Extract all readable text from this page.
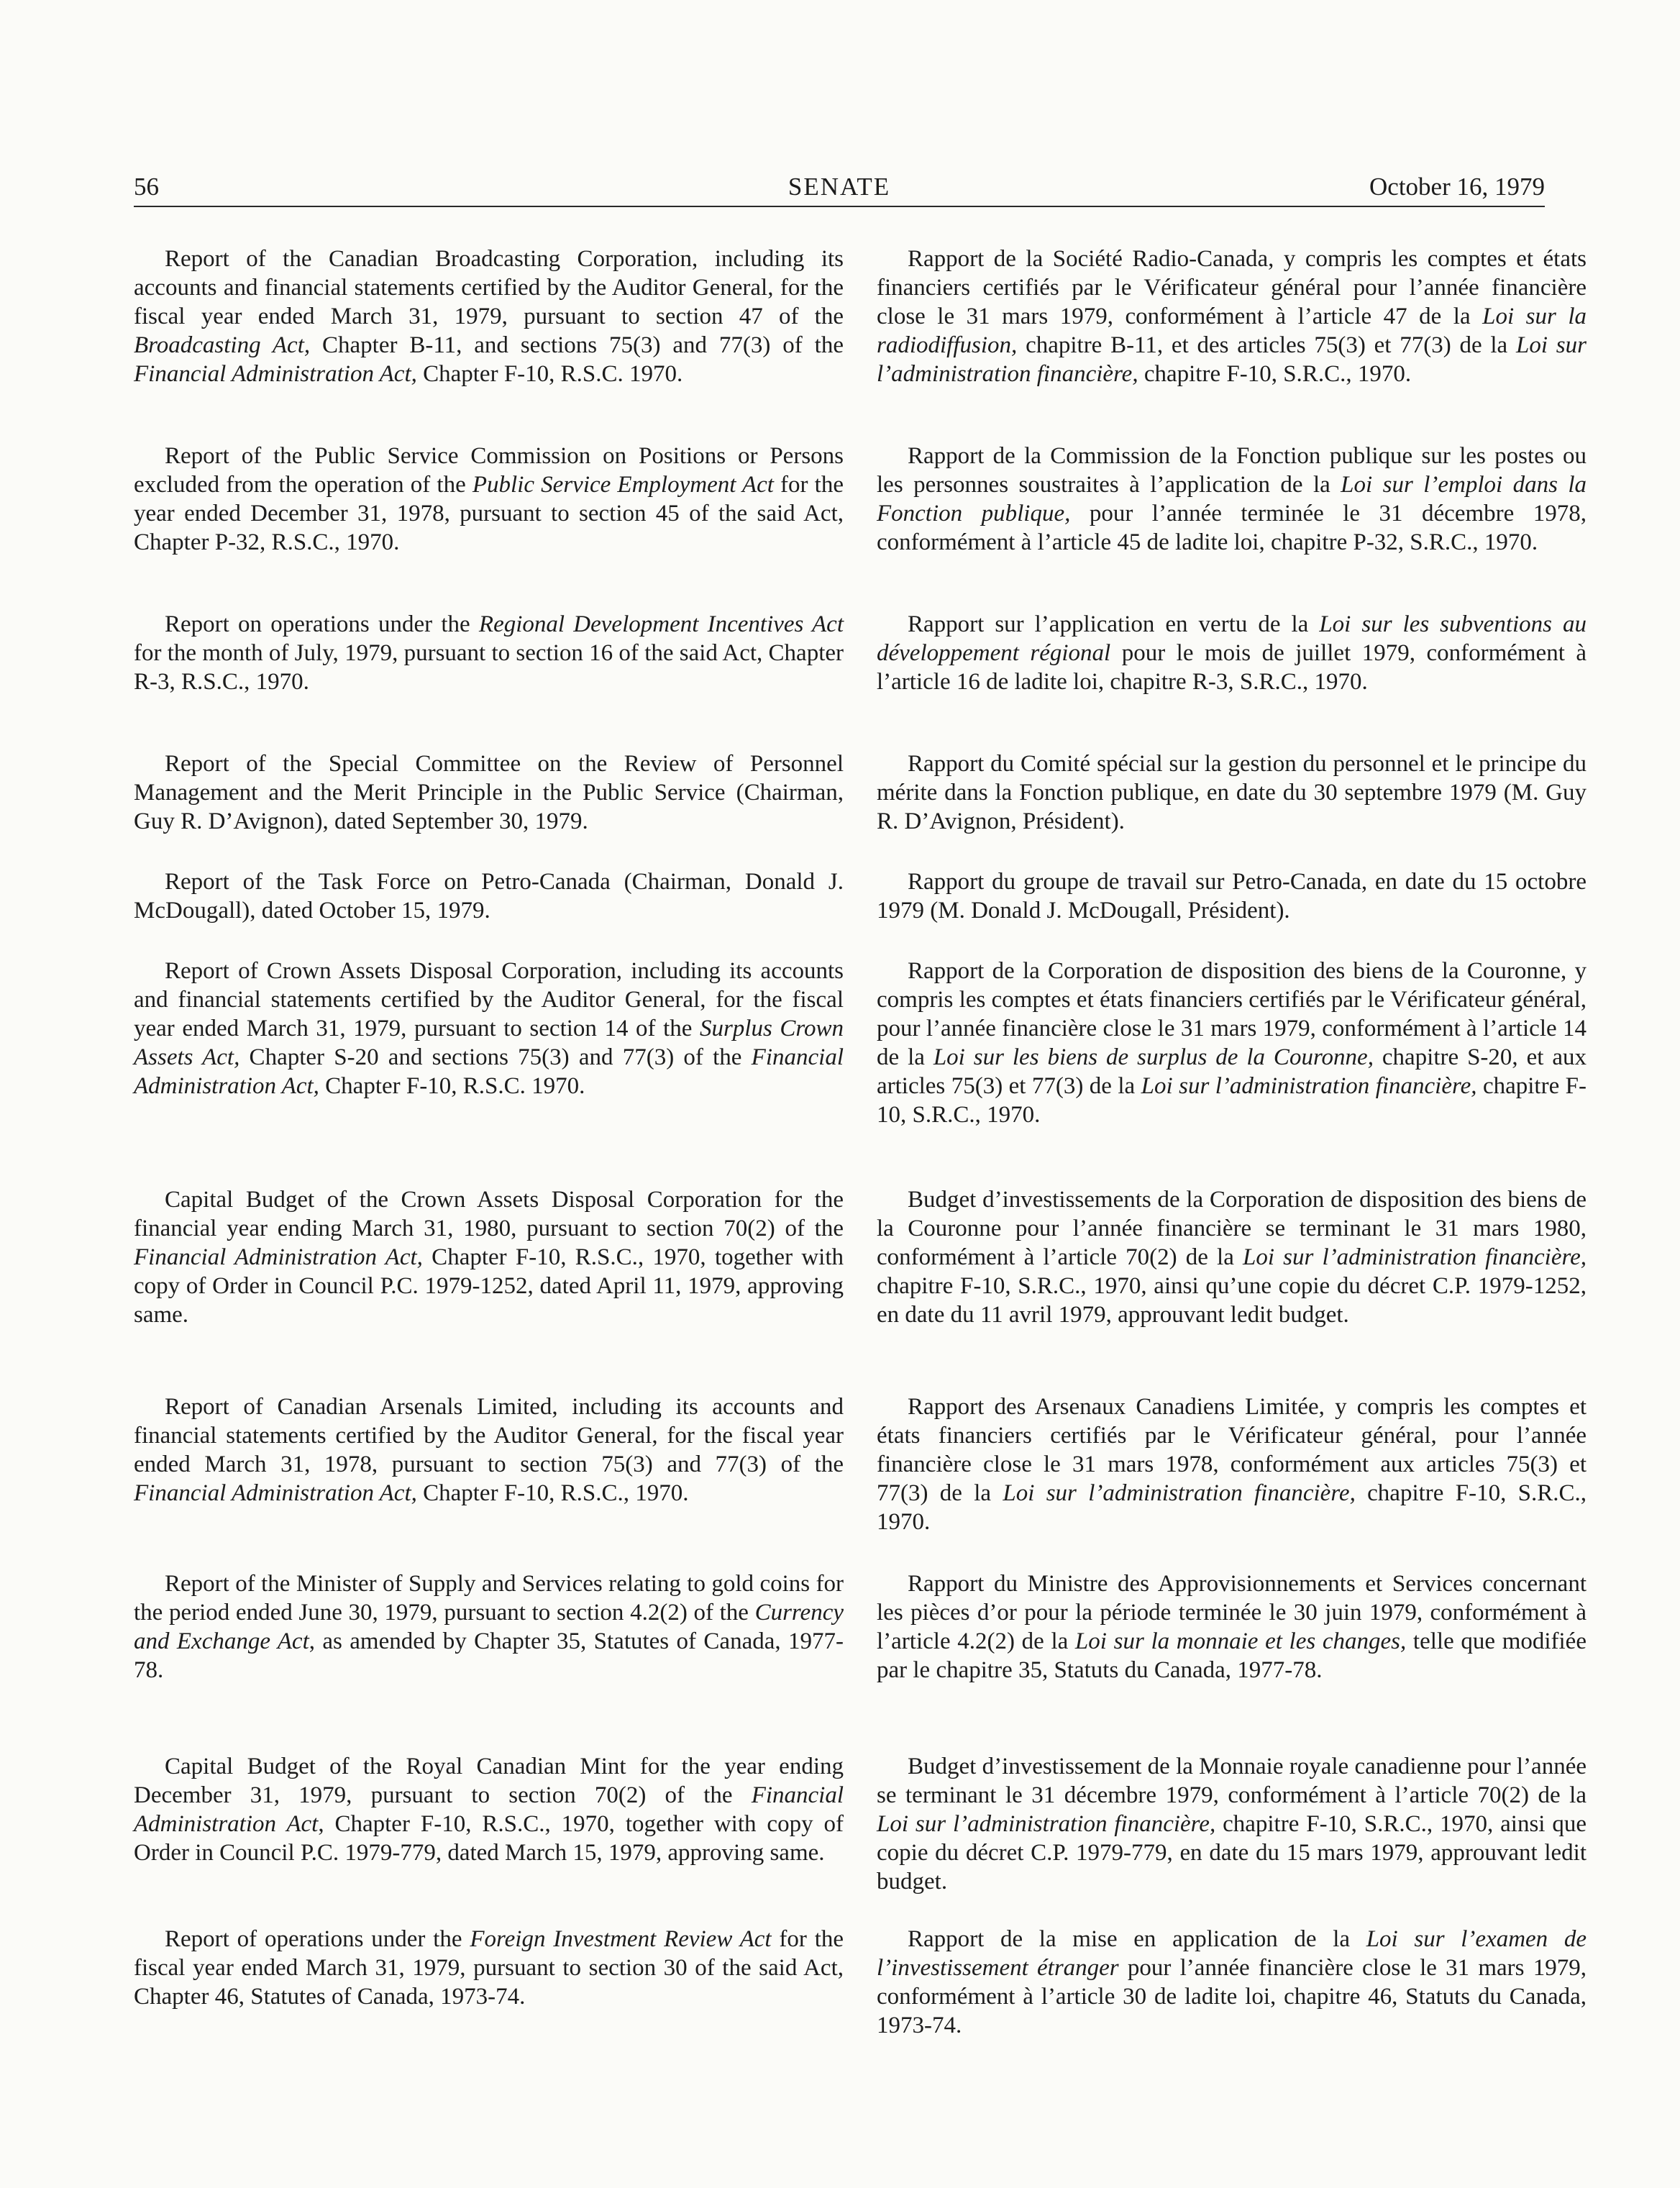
56	SENATE	October 16, 1979

Report of the Canadian Broadcasting Corporation, including its accounts and financial statements certified by the Auditor General, for the fiscal year ended March 31, 1979, pursuant to section 47 of the Broadcasting Act, Chapter B-11, and sections 75(3) and 77(3) of the Financial Administration Act, Chapter F-10, R.S.C. 1970.

Report of the Public Service Commission on Positions or Persons excluded from the operation of the Public Service Employment Act for the year ended December 31, 1978, pursuant to section 45 of the said Act, Chapter P-32, R.S.C., 1970.

Report on operations under the Regional Development Incentives Act for the month of July, 1979, pursuant to section 16 of the said Act, Chapter R-3, R.S.C., 1970.

Report of the Special Committee on the Review of Personnel Management and the Merit Principle in the Public Service (Chairman, Guy R. D’Avignon), dated September 30, 1979.

Report of the Task Force on Petro-Canada (Chairman, Donald J. McDougall), dated October 15, 1979.

Report of Crown Assets Disposal Corporation, including its accounts and financial statements certified by the Auditor General, for the fiscal year ended March 31, 1979, pursuant to section 14 of the Surplus Crown Assets Act, Chapter S-20 and sections 75(3) and 77(3) of the Financial Administration Act, Chapter F-10, R.S.C. 1970.

Capital Budget of the Crown Assets Disposal Corporation for the financial year ending March 31, 1980, pursuant to section 70(2) of the Financial Administration Act, Chapter F-10, R.S.C., 1970, together with copy of Order in Council P.C. 1979-1252, dated April 11, 1979, approving same.

Report of Canadian Arsenals Limited, including its accounts and financial statements certified by the Auditor General, for the fiscal year ended March 31, 1978, pursuant to section 75(3) and 77(3) of the Financial Administration Act, Chapter F-10, R.S.C., 1970.

Report of the Minister of Supply and Services relating to gold coins for the period ended June 30, 1979, pursuant to section 4.2(2) of the Currency and Exchange Act, as amended by Chapter 35, Statutes of Canada, 1977-78.

Capital Budget of the Royal Canadian Mint for the year ending December 31, 1979, pursuant to section 70(2) of the Financial Administration Act, Chapter F-10, R.S.C., 1970, together with copy of Order in Council P.C. 1979-779, dated March 15, 1979, approving same.

Report of operations under the Foreign Investment Review Act for the fiscal year ended March 31, 1979, pursuant to section 30 of the said Act, Chapter 46, Statutes of Canada, 1973-74.

Rapport de la Société Radio-Canada, y compris les comptes et états financiers certifiés par le Vérificateur général pour l’année financière close le 31 mars 1979, conformément à l’article 47 de la Loi sur la radiodiffusion, chapitre B-11, et des articles 75(3) et 77(3) de la Loi sur l’administration financière, chapitre F-10, S.R.C., 1970.

Rapport de la Commission de la Fonction publique sur les postes ou les personnes soustraites à l’application de la Loi sur l’emploi dans la Fonction publique, pour l’année terminée le 31 décembre 1978, conformément à l’article 45 de ladite loi, chapitre P-32, S.R.C., 1970.

Rapport sur l’application en vertu de la Loi sur les subventions au développement régional pour le mois de juillet 1979, conformément à l’article 16 de ladite loi, chapitre R-3, S.R.C., 1970.

Rapport du Comité spécial sur la gestion du personnel et le principe du mérite dans la Fonction publique, en date du 30 septembre 1979 (M. Guy R. D’Avignon, Président).

Rapport du groupe de travail sur Petro-Canada, en date du 15 octobre 1979 (M. Donald J. McDougall, Président).

Rapport de la Corporation de disposition des biens de la Couronne, y compris les comptes et états financiers certifiés par le Vérificateur général, pour l’année financière close le 31 mars 1979, conformément à l’article 14 de la Loi sur les biens de surplus de la Couronne, chapitre S-20, et aux articles 75(3) et 77(3) de la Loi sur l’administration financière, chapitre F-10, S.R.C., 1970.

Budget d’investissements de la Corporation de disposition des biens de la Couronne pour l’année financière se terminant le 31 mars 1980, conformément à l’article 70(2) de la Loi sur l’administration financière, chapitre F-10, S.R.C., 1970, ainsi qu’une copie du décret C.P. 1979-1252, en date du 11 avril 1979, approuvant ledit budget.

Rapport des Arsenaux Canadiens Limitée, y compris les comptes et états financiers certifiés par le Vérificateur général, pour l’année financière close le 31 mars 1978, conformément aux articles 75(3) et 77(3) de la Loi sur l’administration financière, chapitre F-10, S.R.C., 1970.

Rapport du Ministre des Approvisionnements et Services concernant les pièces d’or pour la période terminée le 30 juin 1979, conformément à l’article 4.2(2) de la Loi sur la monnaie et les changes, telle que modifiée par le chapitre 35, Statuts du Canada, 1977-78.

Budget d’investissement de la Monnaie royale canadienne pour l’année se terminant le 31 décembre 1979, conformément à l’article 70(2) de la Loi sur l’administration financière, chapitre F-10, S.R.C., 1970, ainsi que copie du décret C.P. 1979-779, en date du 15 mars 1979, approuvant ledit budget.

Rapport de la mise en application de la Loi sur l’examen de l’investissement étranger pour l’année financière close le 31 mars 1979, conformément à l’article 30 de ladite loi, chapitre 46, Statuts du Canada, 1973-74.
